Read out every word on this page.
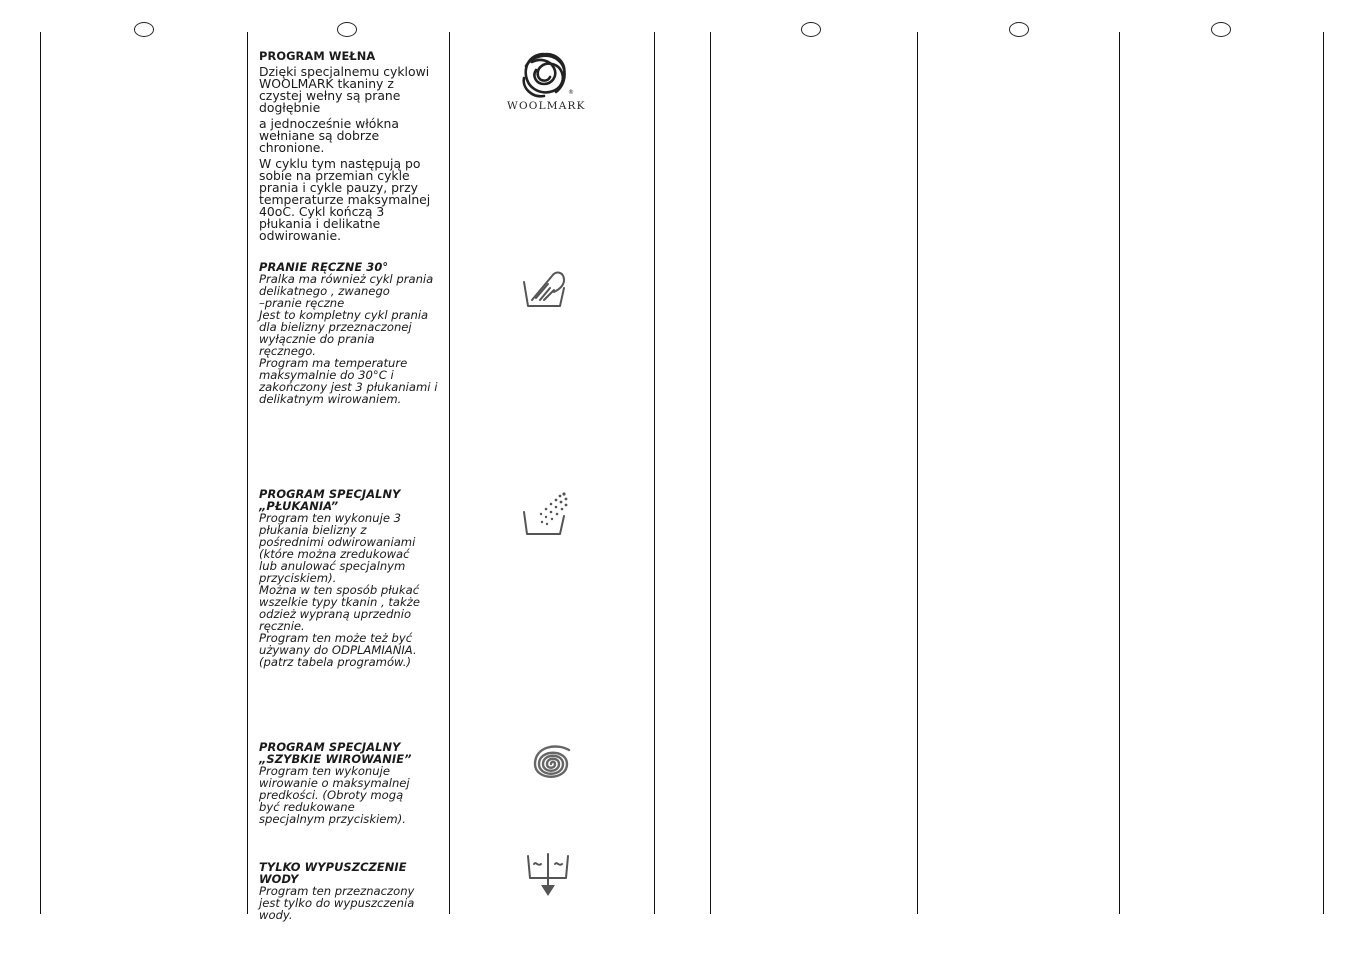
PROGRAM WEŁNA
Dzięki specjalnemu cyklowi
WOOLMARK tkaniny z
czystej wełny są prane
dogłębnie
a jednocześnie włókna
wełniane są dobrze
chronione.
W cyklu tym następują po
sobie na przemian cykle
prania i cykle pauzy, przy
temperaturze maksymalnej
40oC. Cykl kończą 3
płukania i delikatne
odwirowanie.
WOOLMARK
®
PRANIE RĘCZNE 30°
Pralka ma również cykl prania
delikatnego , zwanego
–pranie ręczne
Jest to kompletny cykl prania
dla bielizny przeznaczonej
wyłącznie do prania
ręcznego.
Program ma temperature
maksymalnie do 30°C i
zakończony jest 3 płukaniami i
delikatnym wirowaniem.
PROGRAM SPECJALNY
„PŁUKANIA”
Program ten wykonuje 3
płukania bielizny z
pośrednimi odwirowaniami
(które można zredukować
lub anulować specjalnym
przyciskiem).
Można w ten sposób płukać
wszelkie typy tkanin , także
odzież wypraną uprzednio
ręcznie.
Program ten może też być
używany do ODPLAMIANIA.
(patrz tabela programów.)
PROGRAM SPECJALNY
„SZYBKIE WIROWANIE”
Program ten wykonuje
wirowanie o maksymalnej
predkości. (Obroty mogą
być redukowane
specjalnym przyciskiem).
TYLKO WYPUSZCZENIE WODY
Program ten przeznaczony
jest tylko do wypuszczenia
wody.
